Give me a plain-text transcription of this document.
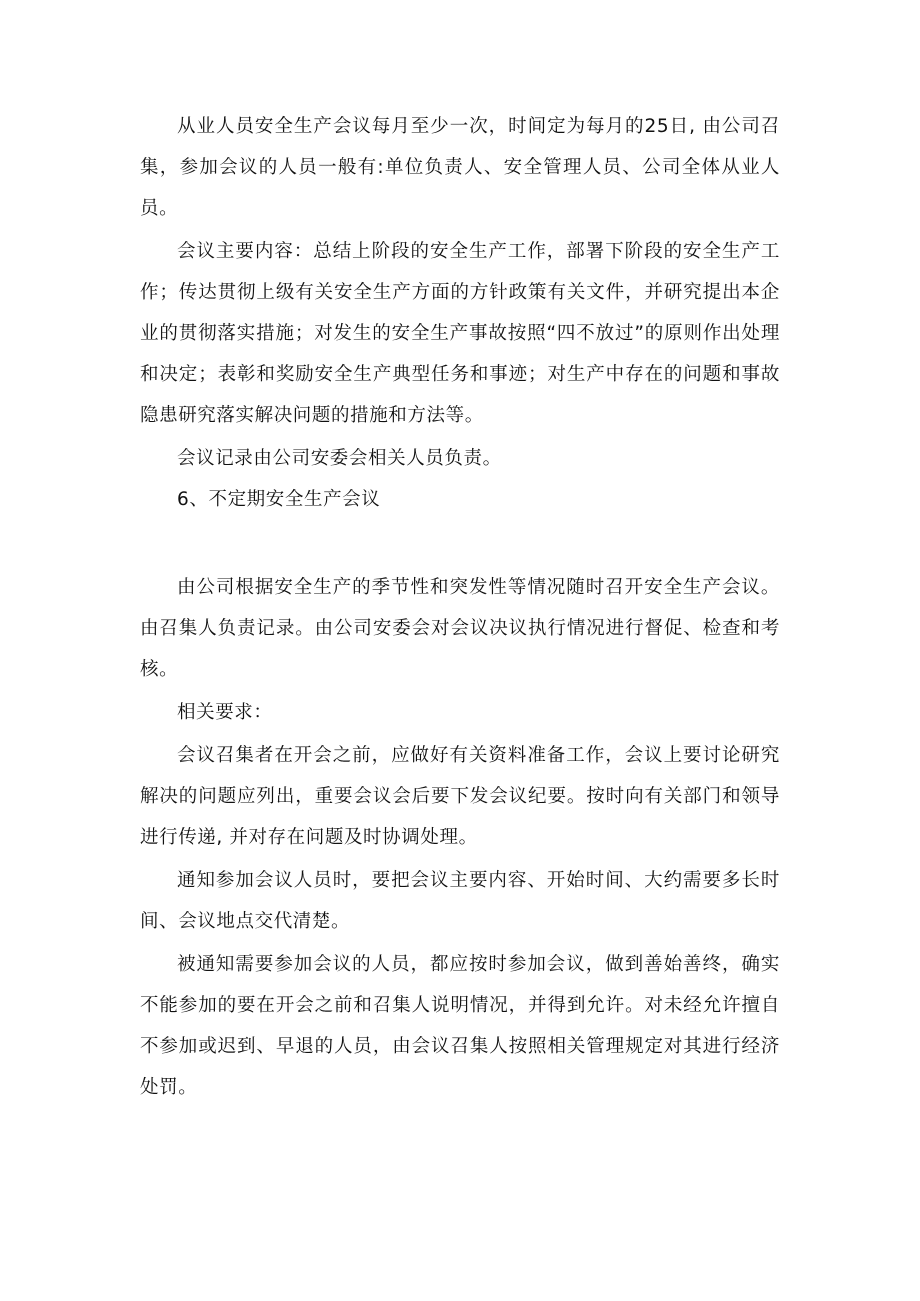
从业人员安全生产会议每月至少一次，时间定为每月的25日, 由公司召集，参加会议的人员一般有:单位负责人、安全管理人员、公司全体从业人员。

会议主要内容：总结上阶段的安全生产工作，部署下阶段的安全生产工作；传达贯彻上级有关安全生产方面的方针政策有关文件，并研究提出本企业的贯彻落实措施；对发生的安全生产事故按照“四不放过”的原则作出处理和决定；表彰和奖励安全生产典型任务和事迹；对生产中存在的问题和事故隐患研究落实解决问题的措施和方法等。

会议记录由公司安委会相关人员负责。

6、不定期安全生产会议

由公司根据安全生产的季节性和突发性等情况随时召开安全生产会议。由召集人负责记录。由公司安委会对会议决议执行情况进行督促、检查和考核。

相关要求：

会议召集者在开会之前，应做好有关资料准备工作，会议上要讨论研究解决的问题应列出，重要会议会后要下发会议纪要。按时向有关部门和领导进行传递, 并对存在问题及时协调处理。

通知参加会议人员时，要把会议主要内容、开始时间、大约需要多长时间、会议地点交代清楚。

被通知需要参加会议的人员，都应按时参加会议，做到善始善终，确实不能参加的要在开会之前和召集人说明情况，并得到允许。对未经允许擅自不参加或迟到、早退的人员，由会议召集人按照相关管理规定对其进行经济处罚。
